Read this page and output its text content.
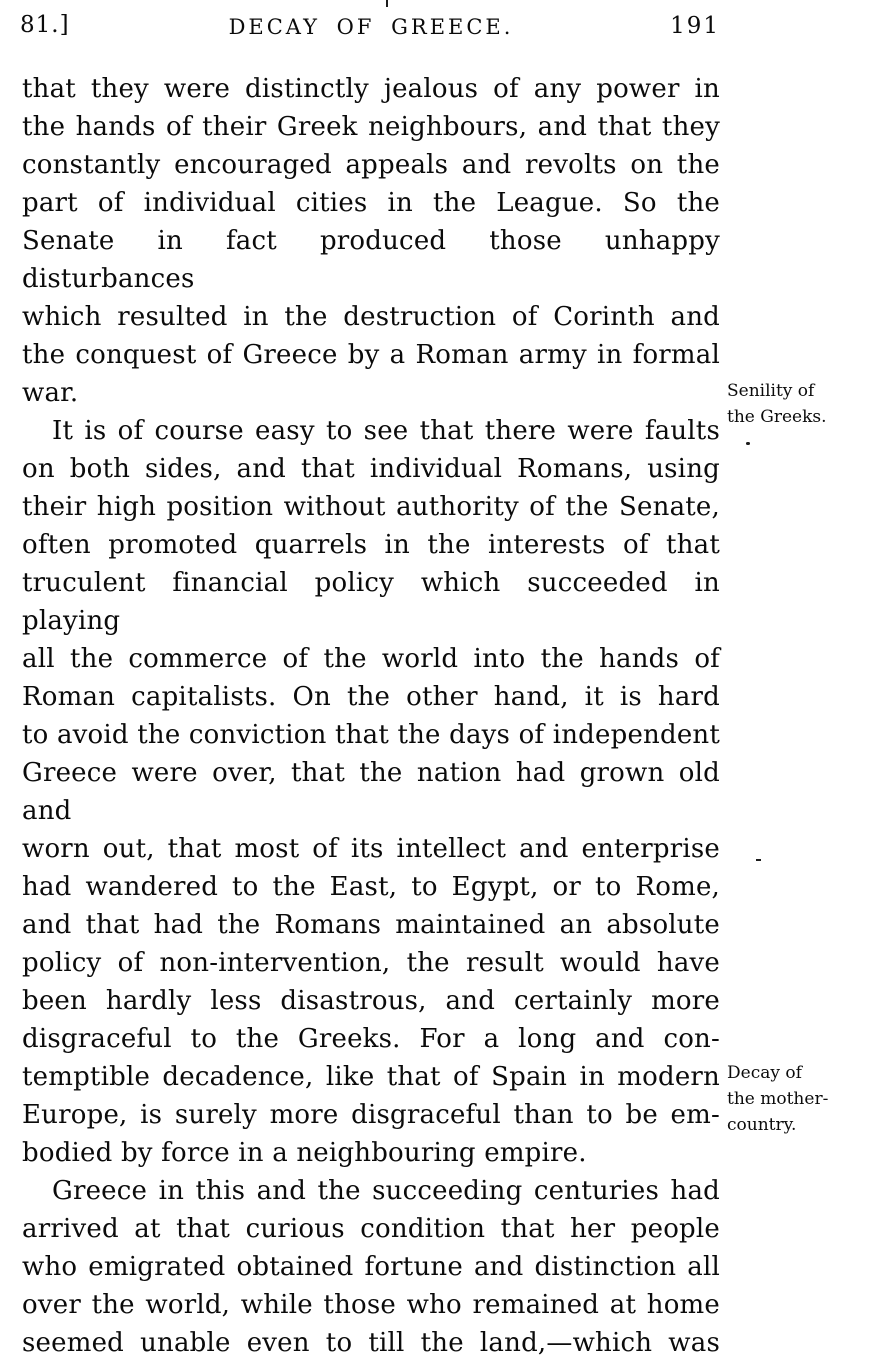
81.]	DECAY OF GREECE.	191
that they were distinctly jealous of any power in
the hands of their Greek neighbours, and that they
constantly encouraged appeals and revolts on the
part of individual cities in the League. So the
Senate in fact produced those unhappy disturbances
which resulted in the destruction of Corinth and
the conquest of Greece by a Roman army in formal
war.
It is of course easy to see that there were faults
on both sides, and that individual Romans, using
their high position without authority of the Senate,
often promoted quarrels in the interests of that
truculent financial policy which succeeded in playing
all the commerce of the world into the hands of
Roman capitalists. On the other hand, it is hard
to avoid the conviction that the days of independent
Greece were over, that the nation had grown old and
worn out, that most of its intellect and enterprise
had wandered to the East, to Egypt, or to Rome,
and that had the Romans maintained an absolute
policy of non-intervention, the result would have
been hardly less disastrous, and certainly more
disgraceful to the Greeks. For a long and con-
temptible decadence, like that of Spain in modern
Europe, is surely more disgraceful than to be em-
bodied by force in a neighbouring empire.
Greece in this and the succeeding centuries had
arrived at that curious condition that her people
who emigrated obtained fortune and distinction all
over the world, while those who remained at home
seemed unable even to till the land,—which was
Senility of
the Greeks.
Decay of
the mother-
country.
